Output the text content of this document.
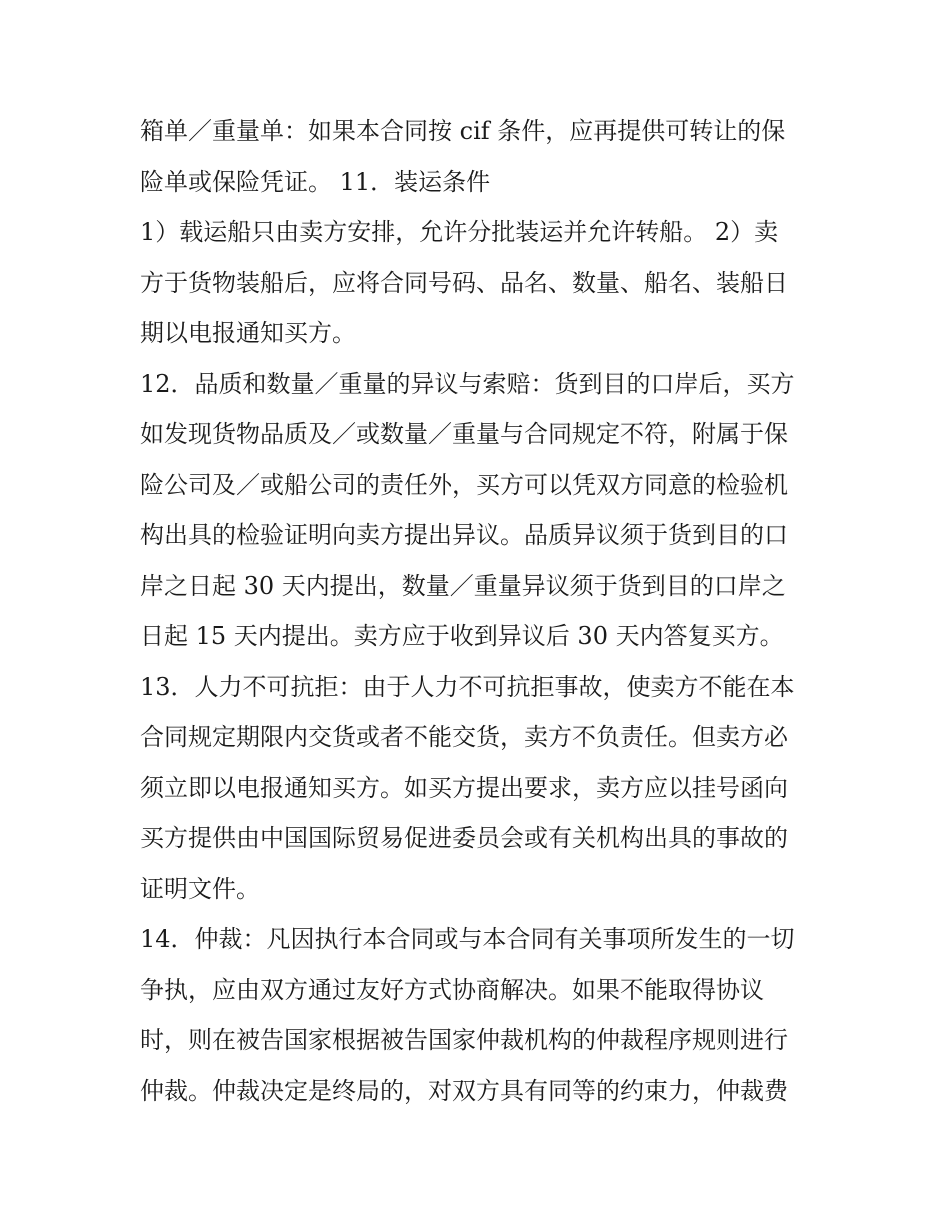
箱单／重量单：如果本合同按 cif 条件，应再提供可转让的保
险单或保险凭证。 11．装运条件
1）载运船只由卖方安排，允许分批装运并允许转船。 2）卖
方于货物装船后，应将合同号码、品名、数量、船名、装船日
期以电报通知买方。
12．品质和数量／重量的异议与索赔：货到目的口岸后，买方
如发现货物品质及／或数量／重量与合同规定不符，附属于保
险公司及／或船公司的责任外，买方可以凭双方同意的检验机
构出具的检验证明向卖方提出异议。品质异议须于货到目的口
岸之日起 30 天内提出，数量／重量异议须于货到目的口岸之
日起 15 天内提出。卖方应于收到异议后 30 天内答复买方。
13．人力不可抗拒：由于人力不可抗拒事故，使卖方不能在本
合同规定期限内交货或者不能交货，卖方不负责任。但卖方必
须立即以电报通知买方。如买方提出要求，卖方应以挂号函向
买方提供由中国国际贸易促进委员会或有关机构出具的事故的
证明文件。
14．仲裁：凡因执行本合同或与本合同有关事项所发生的一切
争执，应由双方通过友好方式协商解决。如果不能取得协议
时，则在被告国家根据被告国家仲裁机构的仲裁程序规则进行
仲裁。仲裁决定是终局的，对双方具有同等的约束力，仲裁费
